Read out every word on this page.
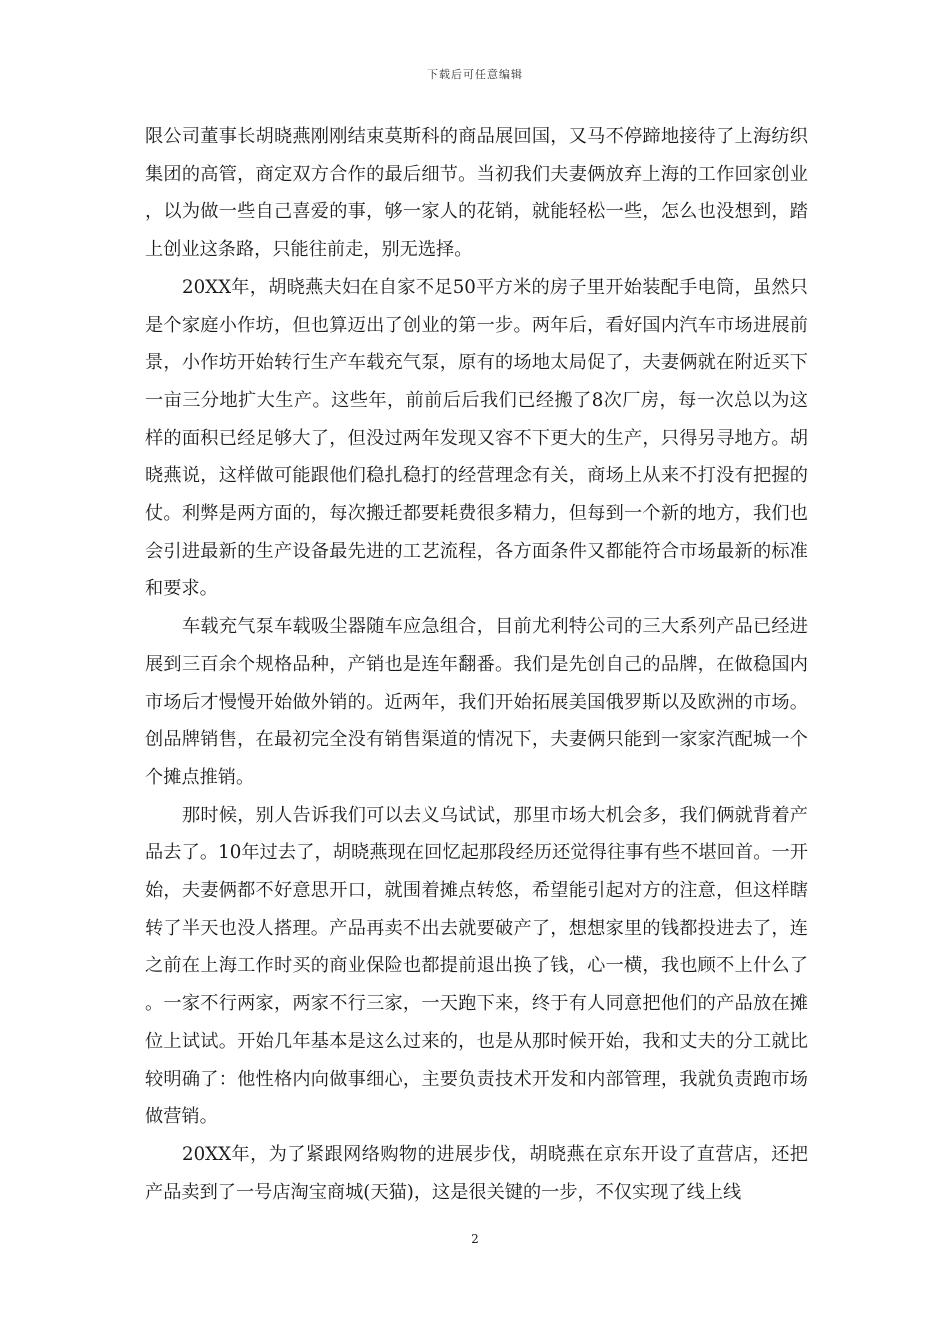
下载后可任意编辑

限公司董事长胡晓燕刚刚结束莫斯科的商品展回国，又马不停蹄地接待了上海纺织集团的高管，商定双方合作的最后细节。当初我们夫妻俩放弃上海的工作回家创业，以为做一些自己喜爱的事，够一家人的花销，就能轻松一些，怎么也没想到，踏上创业这条路，只能往前走，别无选择。

20XX年，胡晓燕夫妇在自家不足50平方米的房子里开始装配手电筒，虽然只是个家庭小作坊，但也算迈出了创业的第一步。两年后，看好国内汽车市场进展前景，小作坊开始转行生产车载充气泵，原有的场地太局促了，夫妻俩就在附近买下一亩三分地扩大生产。这些年，前前后后我们已经搬了8次厂房，每一次总以为这样的面积已经足够大了，但没过两年发现又容不下更大的生产，只得另寻地方。胡晓燕说，这样做可能跟他们稳扎稳打的经营理念有关，商场上从来不打没有把握的仗。利弊是两方面的，每次搬迁都要耗费很多精力，但每到一个新的地方，我们也会引进最新的生产设备最先进的工艺流程，各方面条件又都能符合市场最新的标准和要求。

车载充气泵车载吸尘器随车应急组合，目前尤利特公司的三大系列产品已经进展到三百余个规格品种，产销也是连年翻番。我们是先创自己的品牌，在做稳国内市场后才慢慢开始做外销的。近两年，我们开始拓展美国俄罗斯以及欧洲的市场。创品牌销售，在最初完全没有销售渠道的情况下，夫妻俩只能到一家家汽配城一个个摊点推销。

那时候，别人告诉我们可以去义乌试试，那里市场大机会多，我们俩就背着产品去了。10年过去了，胡晓燕现在回忆起那段经历还觉得往事有些不堪回首。一开始，夫妻俩都不好意思开口，就围着摊点转悠，希望能引起对方的注意，但这样瞎转了半天也没人搭理。产品再卖不出去就要破产了，想想家里的钱都投进去了，连之前在上海工作时买的商业保险也都提前退出换了钱，心一横，我也顾不上什么了。一家不行两家，两家不行三家，一天跑下来，终于有人同意把他们的产品放在摊位上试试。开始几年基本是这么过来的，也是从那时候开始，我和丈夫的分工就比较明确了：他性格内向做事细心，主要负责技术开发和内部管理，我就负责跑市场做营销。

20XX年，为了紧跟网络购物的进展步伐，胡晓燕在京东开设了直营店，还把产品卖到了一号店淘宝商城(天猫)，这是很关键的一步，不仅实现了线上线

2
